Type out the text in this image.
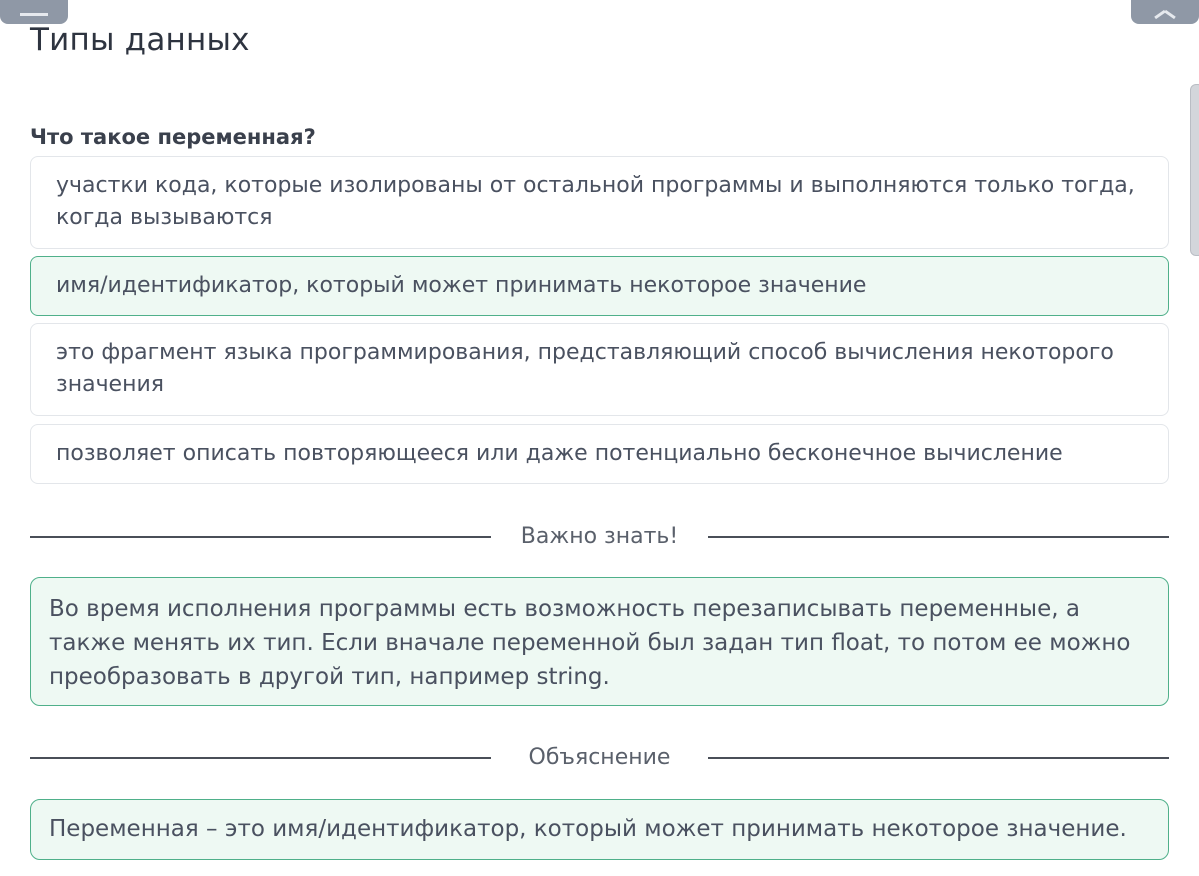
Типы данных
Что такое переменная?
участки кода, которые изолированы от остальной программы и выполняются только тогда, когда вызываются
имя/идентификатор, который может принимать некоторое значение
это фрагмент языка программирования, представляющий способ вычисления некоторого значения
позволяет описать повторяющееся или даже потенциально бесконечное вычисление
Важно знать!
Во время исполнения программы есть возможность перезаписывать переменные, а также менять их тип. Если вначале переменной был задан тип float, то потом ее можно преобразовать в другой тип, например string.
Объяснение
Переменная – это имя/идентификатор, который может принимать некоторое значение.
